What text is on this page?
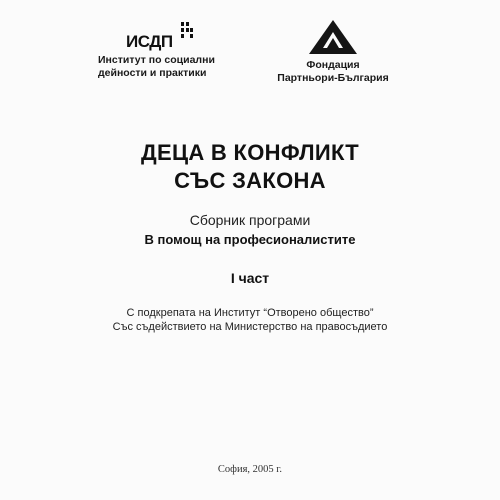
ИСДП
Институт по социални
дейности и практики
Фондация
Партньори-България
ДЕЦА В КОНФЛИКТ
СЪС ЗАКОНА
Сборник програми
В помощ на професионалистите
I част
С подкрепата на Институт “Отворено общество”
Със съдействието на Министерство на правосъдието
София, 2005 г.
